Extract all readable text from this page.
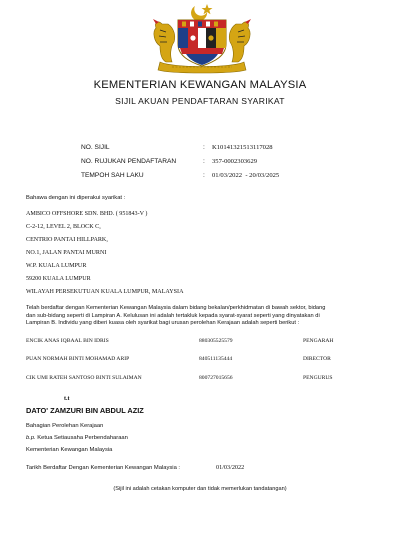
KEMENTERIAN KEWANGAN MALAYSIA
SIJIL AKUAN PENDAFTARAN SYARIKAT
NO. SIJIL	: K10141321513117028
NO. RUJUKAN PENDAFTARAN	: 357-0002303629
TEMPOH SAH LAKU	: 01/03/2022  - 20/03/2025
Bahawa dengan ini diperakui syarikat :
AMBICO OFFSHORE SDN. BHD. ( 951843-V )
C-2-12, LEVEL 2, BLOCK C,
CENTRIO PANTAI HILLPARK,
NO.1, JALAN PANTAI MURNI
W.P. KUALA LUMPUR
59200 KUALA LUMPUR
WILAYAH PERSEKUTUAN KUALA LUMPUR, MALAYSIA
Telah berdaftar dengan Kementerian Kewangan Malaysia dalam bidang bekalan/perkhidmatan di bawah sektor, bidang
dan sub-bidang seperti di Lampiran A. Kelulusan ini adalah tertakluk kepada syarat-syarat seperti yang dinyatakan di
Lampiran B. Individu yang diberi kuasa oleh syarikat bagi urusan perolehan Kerajaan adalah seperti berikut :
ENCIK ANAS IQBAAL BIN IDRIS	880305525579	PENGARAH
PUAN NORMAH BINTI MOHAMAD ARIP	840511135444	DIRECTOR
CIK UMI RATEH SANTOSO BINTI SULAIMAN	800727015656	PENGURUS
t.t
DATO' ZAMZURI BIN ABDUL AZIZ
Bahagian Perolehan Kerajaan
b.p. Ketua Setiausaha Perbendaharaan
Kementerian Kewangan Malaysia
Tarikh Berdaftar Dengan Kementerian Kewangan Malaysia :	01/03/2022
(Sijil ini adalah cetakan komputer dan tidak memerlukan tandatangan)
